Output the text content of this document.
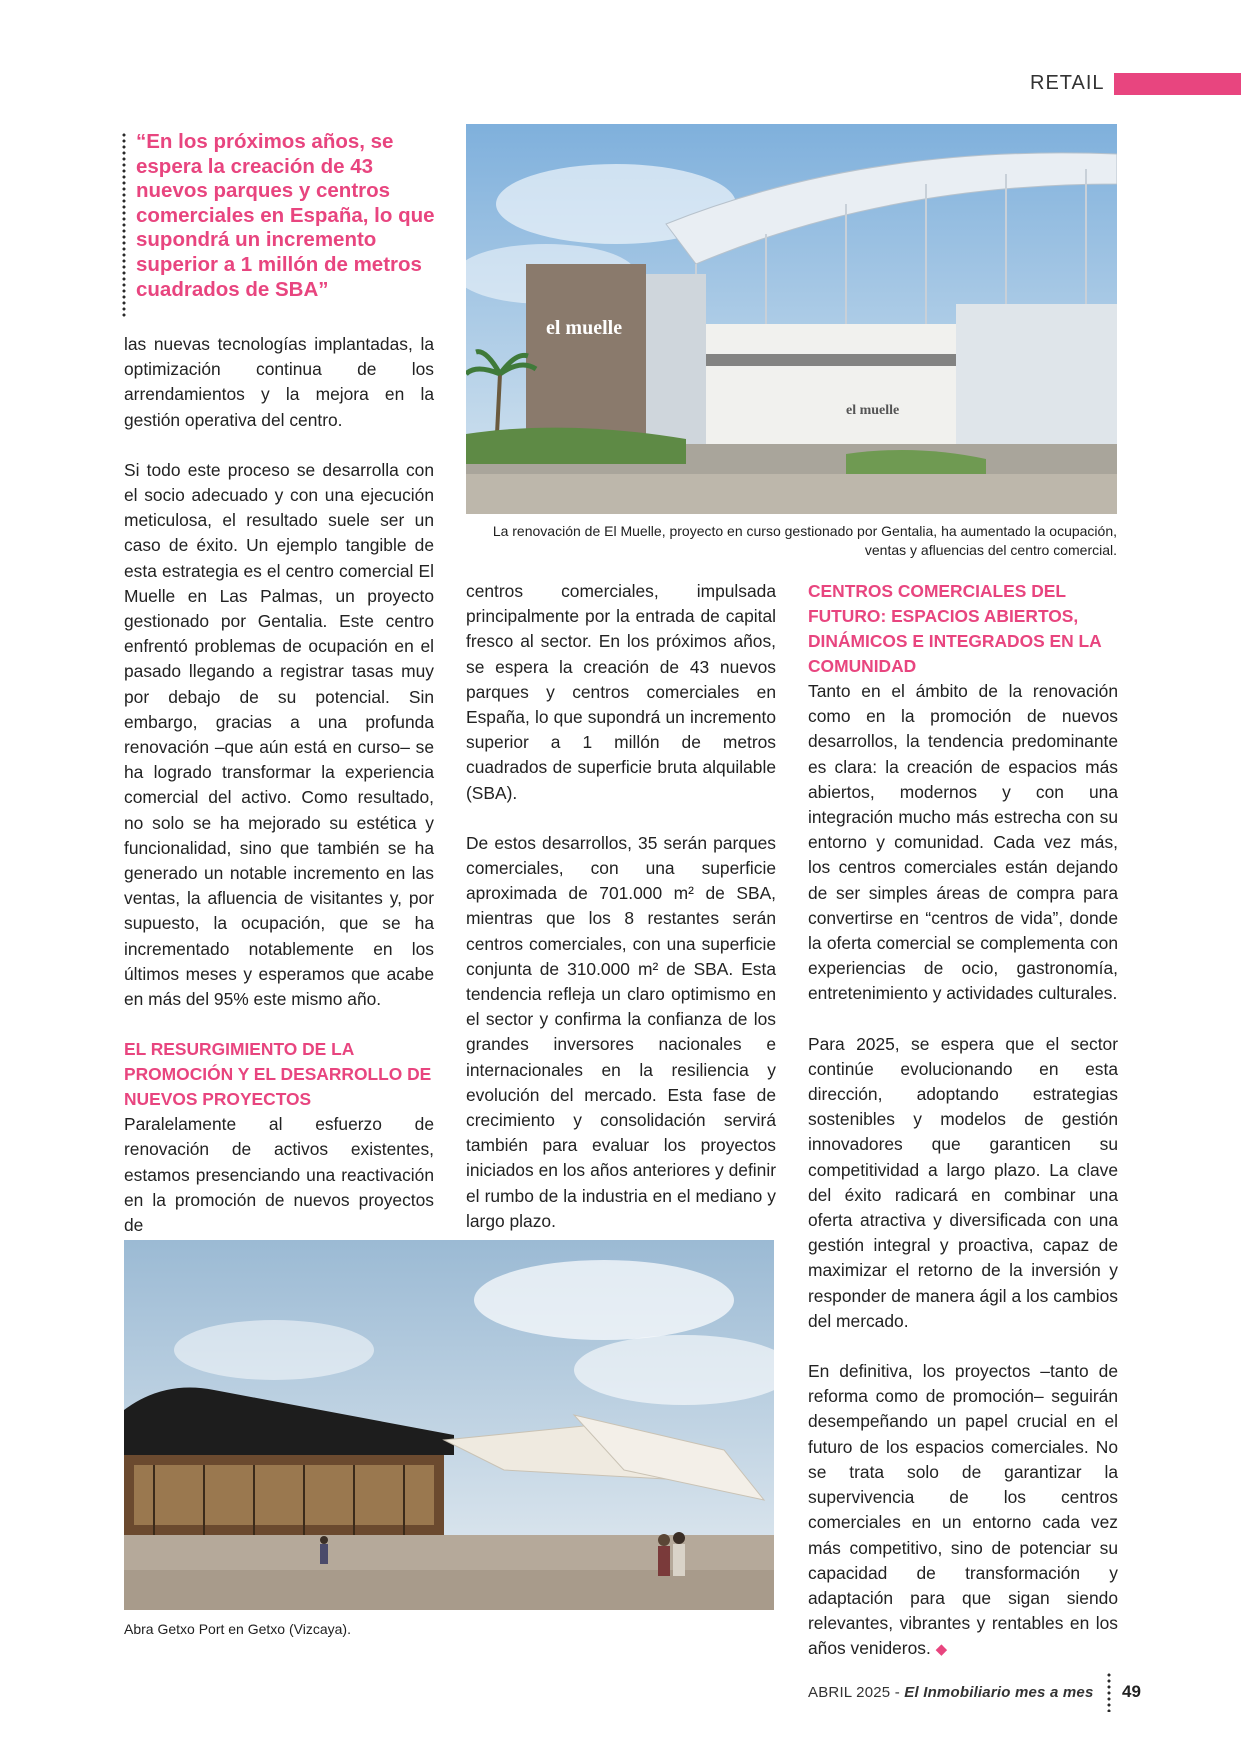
RETAIL
“En los próximos años, se espera la creación de 43 nuevos parques y centros comerciales en España, lo que supondrá un incremento superior a 1 millón de metros cuadrados de SBA”

las nuevas tecnologías implantadas, la optimización continua de los arrendamientos y la mejora en la gestión operativa del centro.

Si todo este proceso se desarrolla con el socio adecuado y con una ejecución meticulosa, el resultado suele ser un caso de éxito. Un ejemplo tangible de esta estrategia es el centro comercial El Muelle en Las Palmas, un proyecto gestionado por Gentalia. Este centro enfrentó problemas de ocupación en el pasado llegando a registrar tasas muy por debajo de su potencial. Sin embargo, gracias a una profunda renovación –que aún está en curso– se ha logrado transformar la experiencia comercial del activo. Como resultado, no solo se ha mejorado su estética y funcionalidad, sino que también se ha generado un notable incremento en las ventas, la afluencia de visitantes y, por supuesto, la ocupación, que se ha incrementado notablemente en los últimos meses y esperamos que acabe en más del 95% este mismo año.

EL RESURGIMIENTO DE LA PROMOCIÓN Y EL DESARROLLO DE NUEVOS PROYECTOS

Paralelamente al esfuerzo de renovación de activos existentes, estamos presenciando una reactivación en la promoción de nuevos proyectos de

centros comerciales, impulsada principalmente por la entrada de capital fresco al sector. En los próximos años, se espera la creación de 43 nuevos parques y centros comerciales en España, lo que supondrá un incremento superior a 1 millón de metros cuadrados de superficie bruta alquilable (SBA).

De estos desarrollos, 35 serán parques comerciales, con una superficie aproximada de 701.000 m² de SBA, mientras que los 8 restantes serán centros comerciales, con una superficie conjunta de 310.000 m² de SBA. Esta tendencia refleja un claro optimismo en el sector y confirma la confianza de los grandes inversores nacionales e internacionales en la resiliencia y evolución del mercado. Esta fase de crecimiento y consolidación servirá también para evaluar los proyectos iniciados en los años anteriores y definir el rumbo de la industria en el mediano y largo plazo.

CENTROS COMERCIALES DEL FUTURO: ESPACIOS ABIERTOS, DINÁMICOS E INTEGRADOS EN LA COMUNIDAD

Tanto en el ámbito de la renovación como en la promoción de nuevos desarrollos, la tendencia predominante es clara: la creación de espacios más abiertos, modernos y con una integración mucho más estrecha con su entorno y comunidad. Cada vez más, los centros comerciales están dejando de ser simples áreas de compra para convertirse en “centros de vida”, donde la oferta comercial se complementa con experiencias de ocio, gastronomía, entretenimiento y actividades culturales.

Para 2025, se espera que el sector continúe evolucionando en esta dirección, adoptando estrategias sostenibles y modelos de gestión innovadores que garanticen su competitividad a largo plazo. La clave del éxito radicará en combinar una oferta atractiva y diversificada con una gestión integral y proactiva, capaz de maximizar el retorno de la inversión y responder de manera ágil a los cambios del mercado.

En definitiva, los proyectos –tanto de reforma como de promoción– seguirán desempeñando un papel crucial en el futuro de los espacios comerciales. No se trata solo de garantizar la supervivencia de los centros comerciales en un entorno cada vez más competitivo, sino de potenciar su capacidad de transformación y adaptación para que sigan siendo relevantes, vibrantes y rentables en los años venideros. ◆

el muelle
el muelle
La renovación de El Muelle, proyecto en curso gestionado por Gentalia, ha aumentado la ocupación, ventas y afluencias del centro comercial.
Abra Getxo Port en Getxo (Vizcaya).
ABRIL 2025 - El Inmobiliario mes a mes 49
